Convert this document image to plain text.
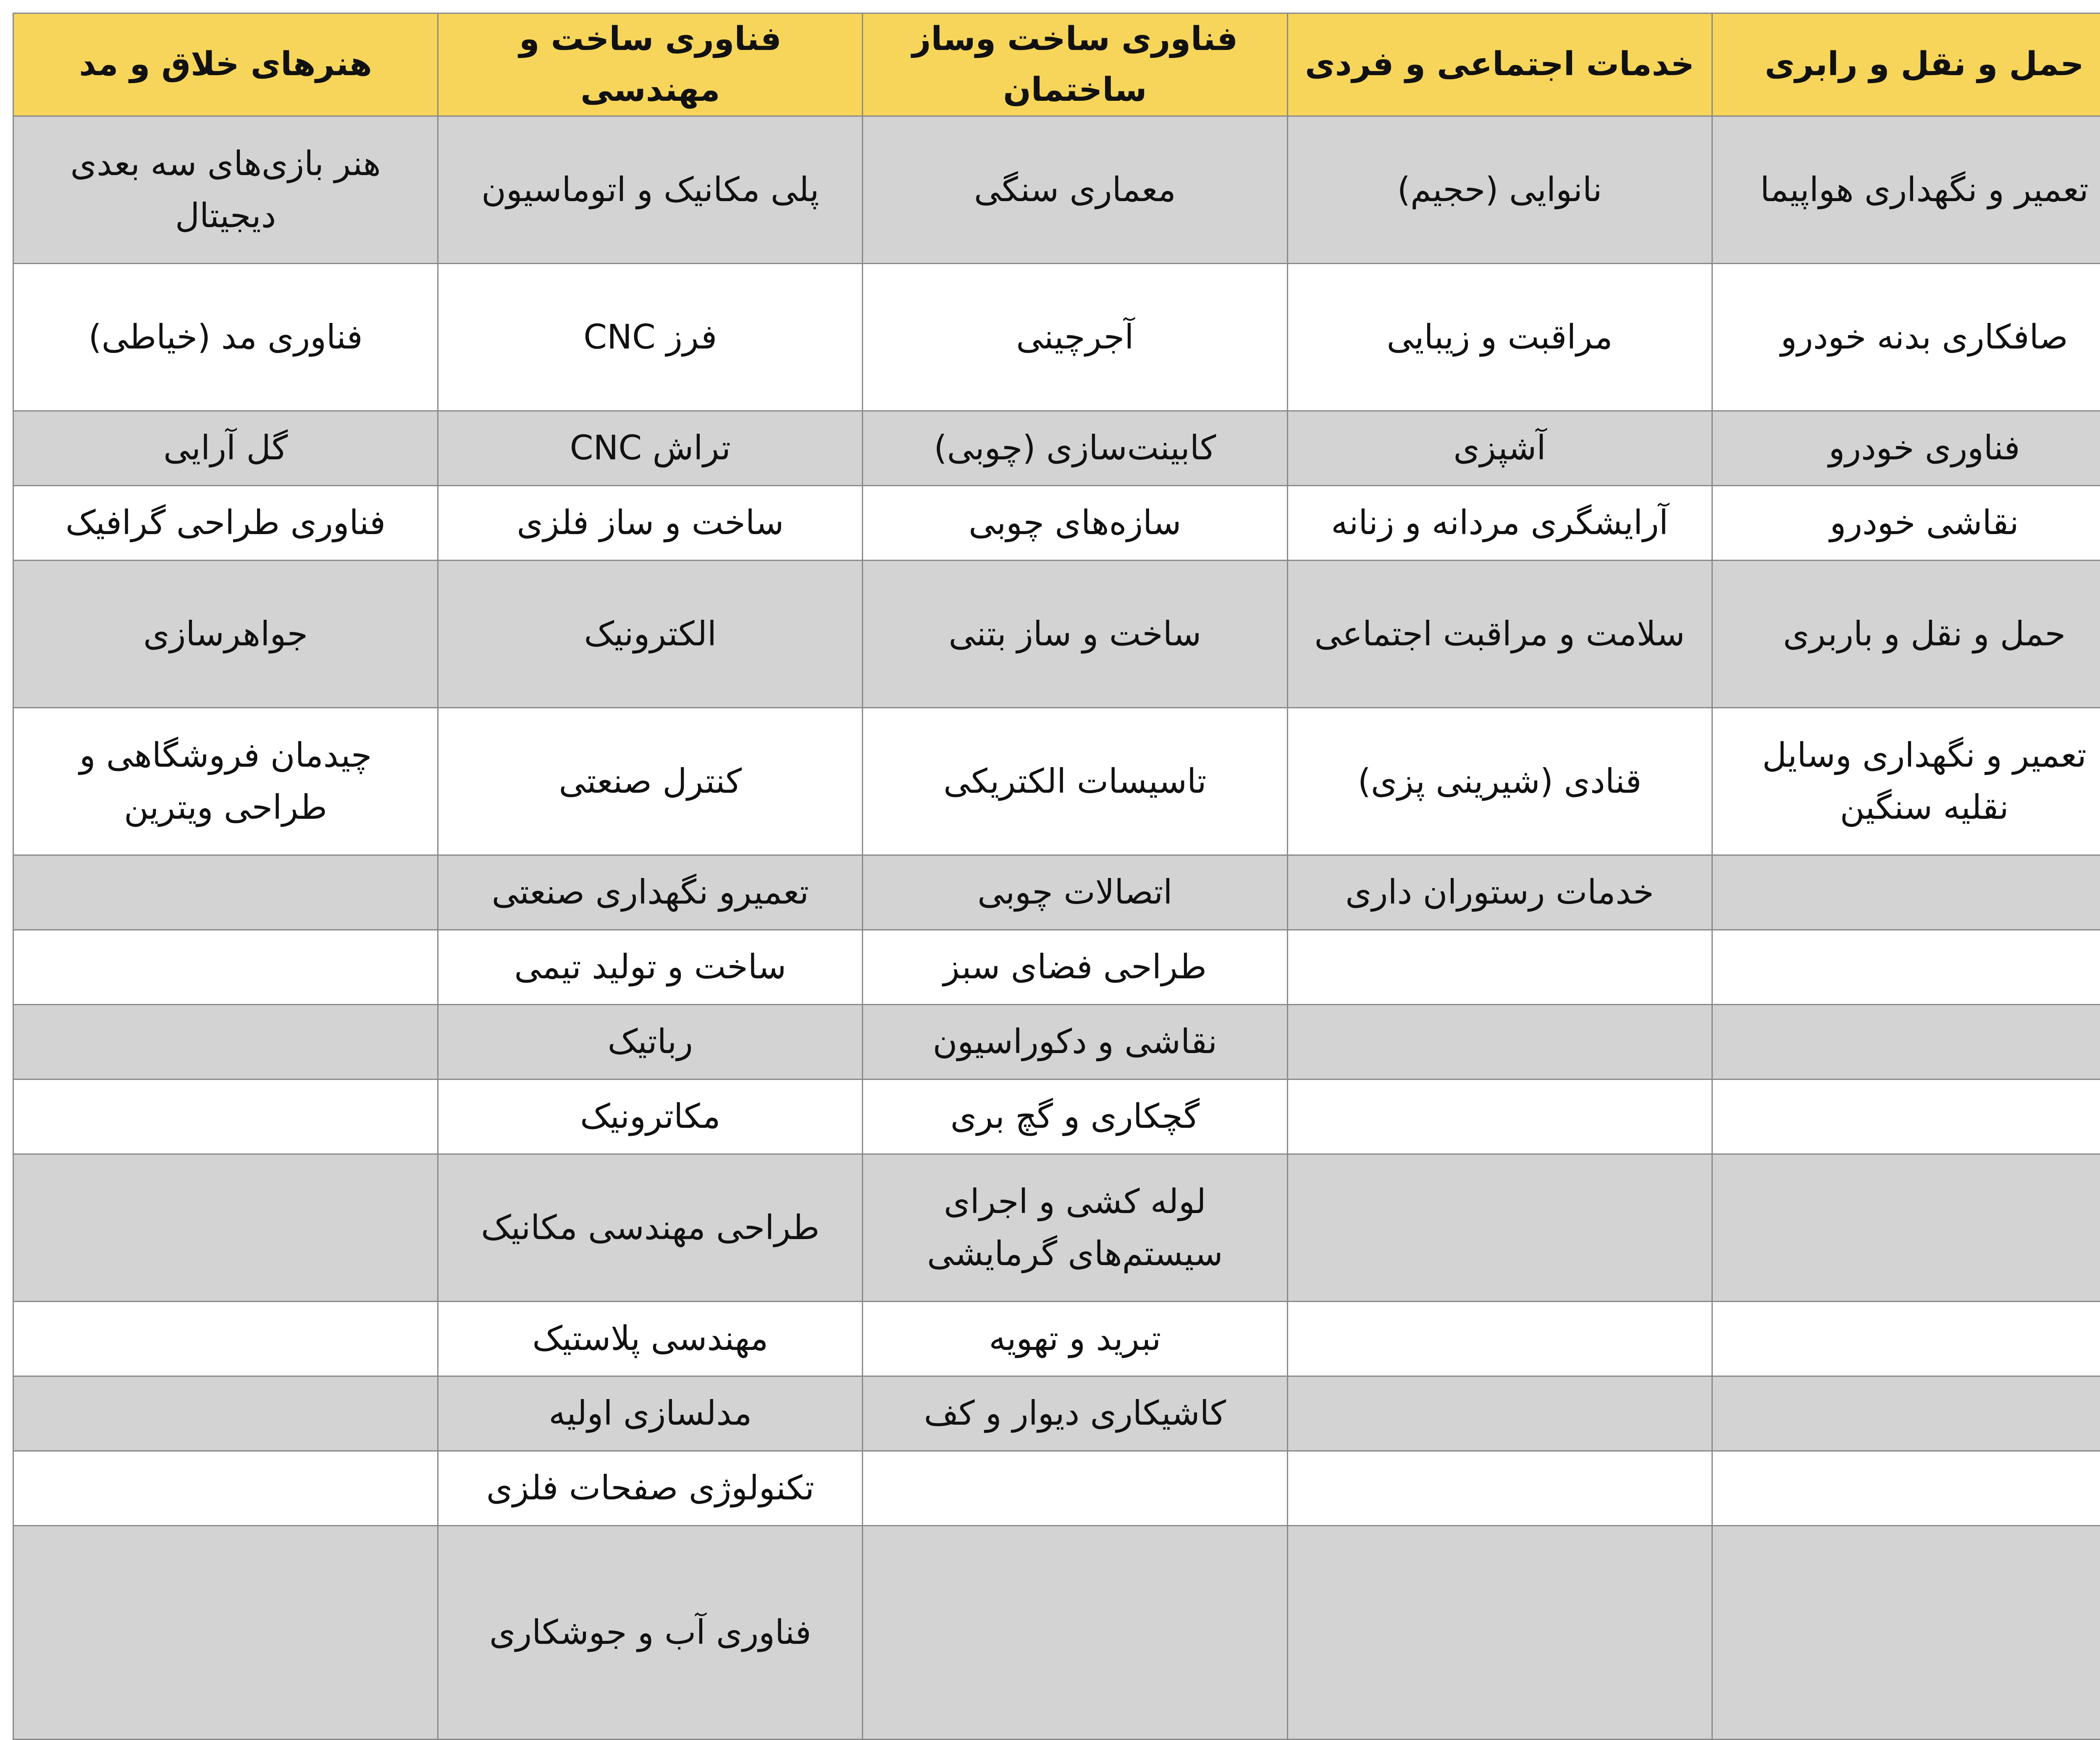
	حمل و نقل و رابری	خدمات اجتماعی و فردی	فناوری ساخت وساز ساختمان	فناوری ساخت و مهندسی	هنرهای خلاق و مد
	تعمیر و نگهداری هواپیما	نانوایی (حجیم)	معماری سنگی	پلی مکانیک و اتوماسیون	هنر بازی‌های سه بعدی دیجیتال
	صافکاری بدنه خودرو	مراقبت و زیبایی	آجرچینی	فرز CNC	فناوری مد (خیاطی)
	فناوری خودرو	آشپزی	کابینت‌سازی (چوبی)	تراش CNC	گل آرایی
	نقاشی خودرو	آرایشگری مردانه و زنانه	سازه‌های چوبی	ساخت و ساز فلزی	فناوری طراحی گرافیک
	حمل و نقل و باربری	سلامت و مراقبت اجتماعی	ساخت و ساز بتنی	الکترونیک	جواهرسازی
	تعمیر و نگهداری وسایل نقلیه سنگین	قنادی (شیرینی پزی)	تاسیسات الکتریکی	کنترل صنعتی	چیدمان فروشگاهی و طراحی ویترین
		خدمات رستوران داری	اتصالات چوبی	تعمیرو نگهداری صنعتی	
			طراحی فضای سبز	ساخت و تولید تیمی	
			نقاشی و دکوراسیون	رباتیک	
			گچکاری و گچ بری	مکاترونیک	
			لوله کشی و اجرای سیستم‌های گرمایشی	طراحی مهندسی مکانیک	
			تبرید و تهویه	مهندسی پلاستیک	
			کاشیکاری دیوار و کف	مدلسازی اولیه	
				تکنولوژی صفحات فلزی	
				فناوری آب و جوشکاری	
